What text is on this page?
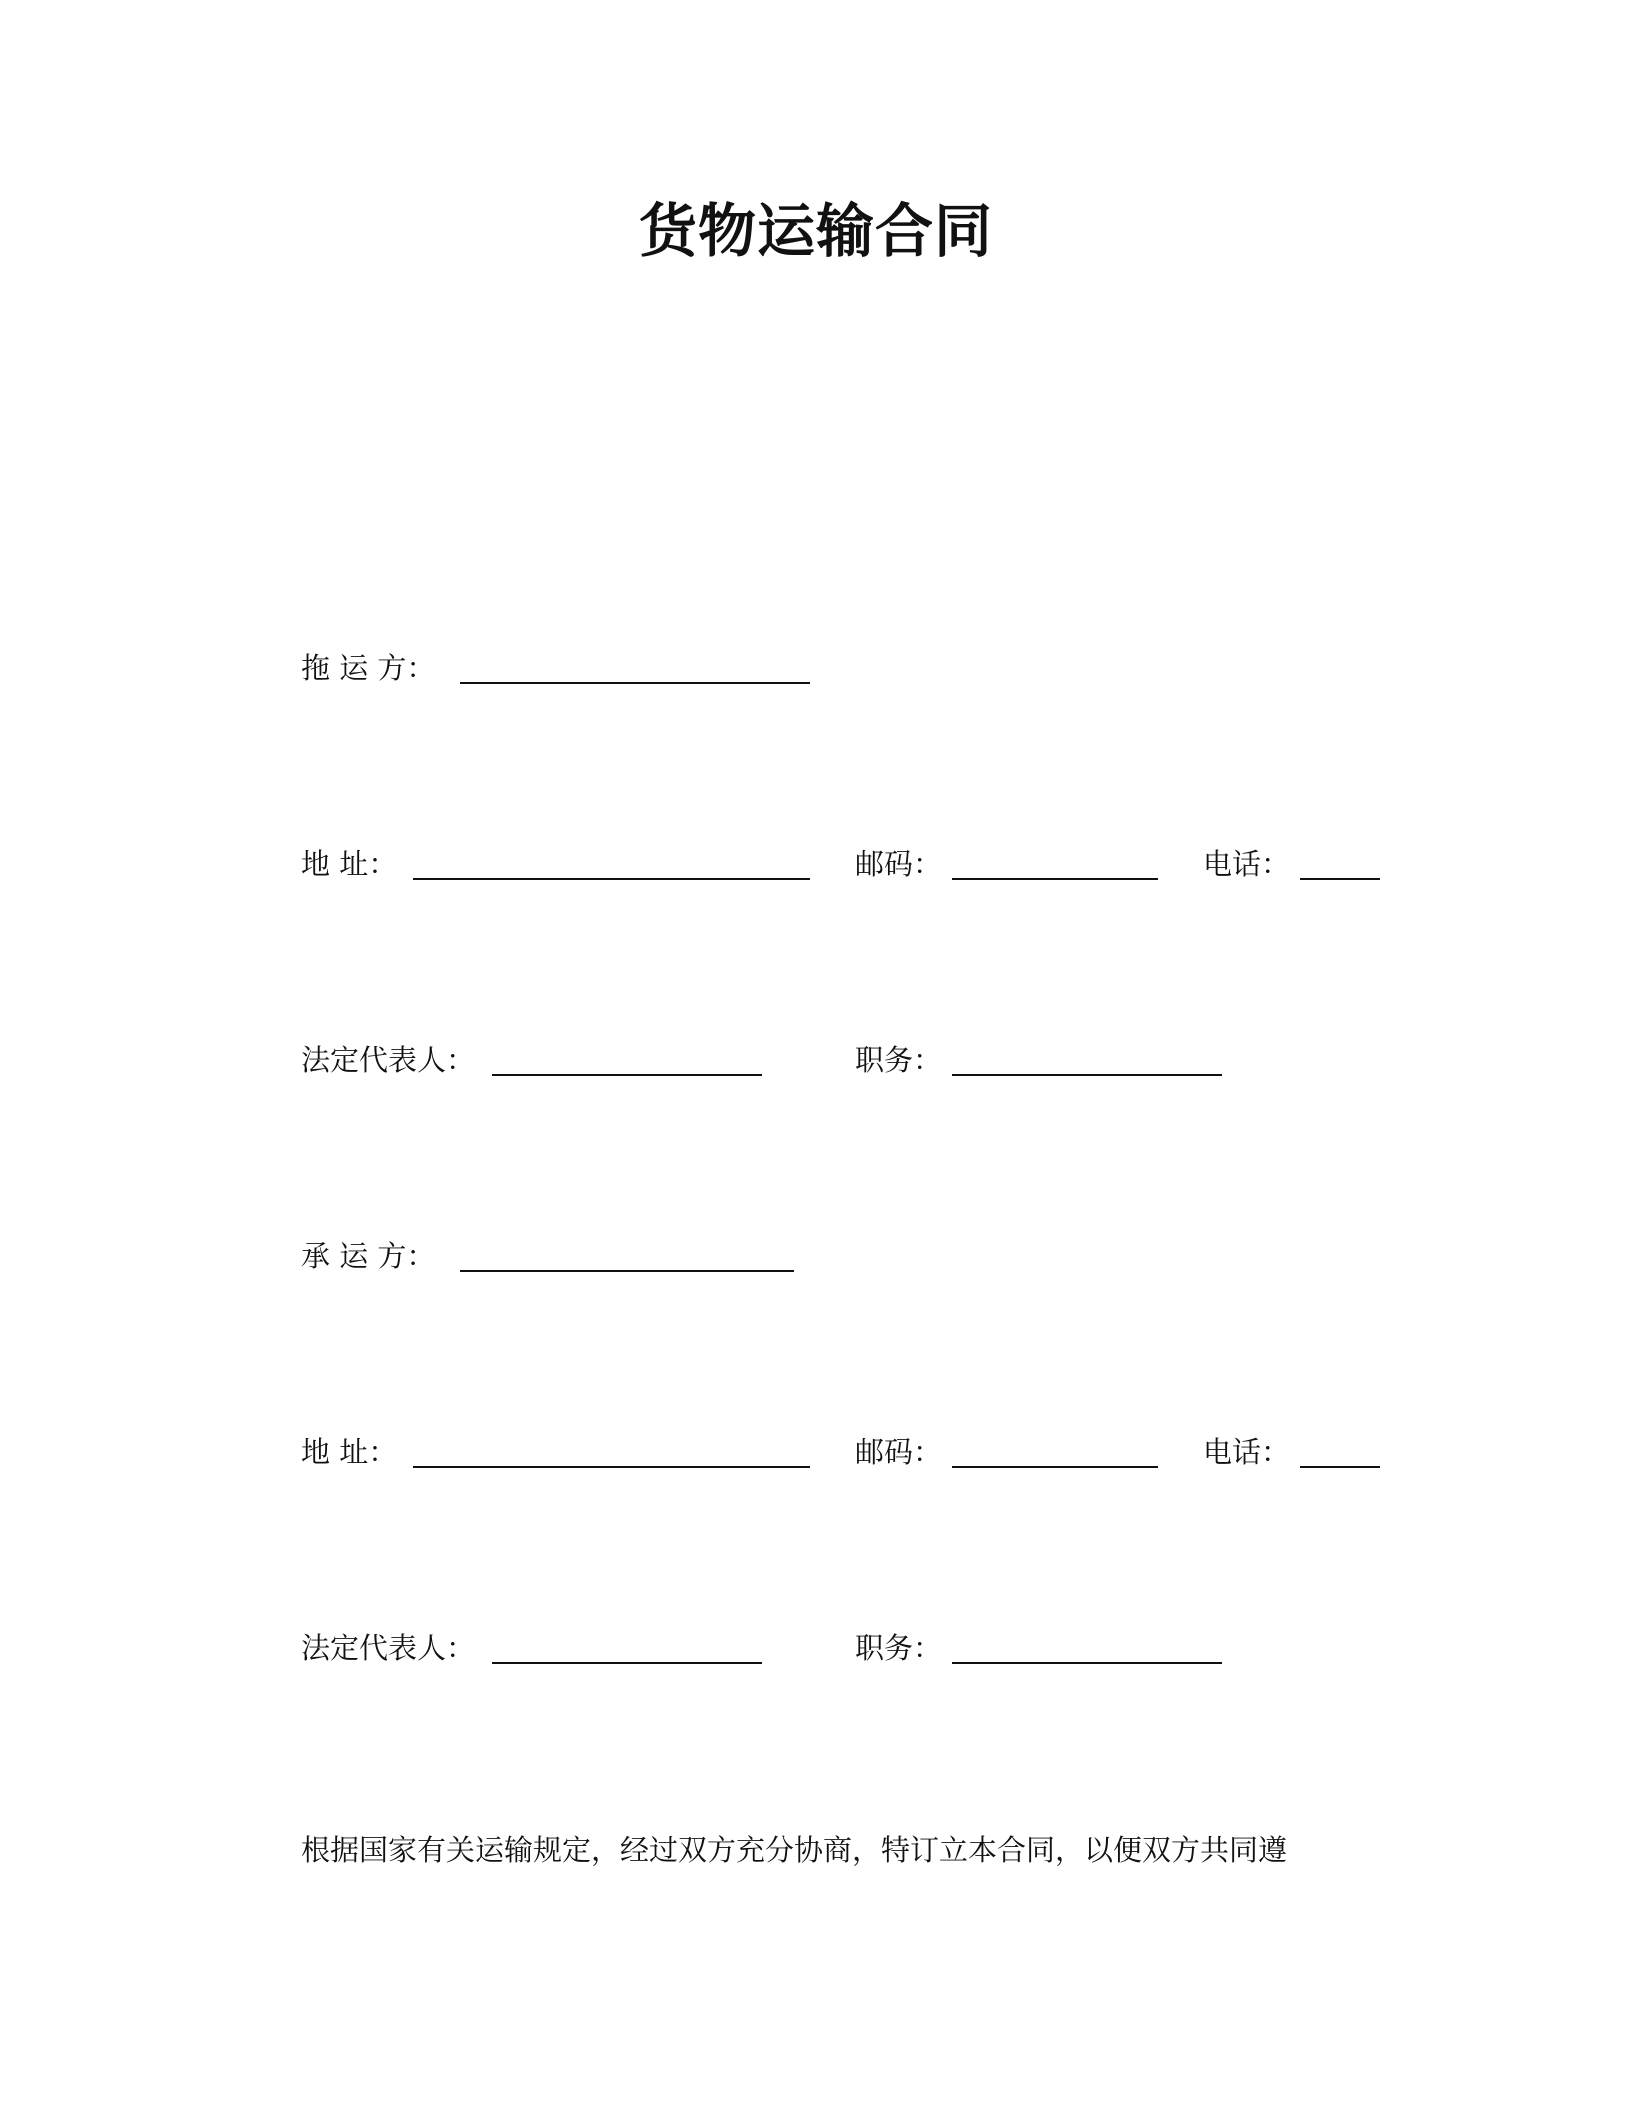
货物运输合同
拖 运 方：
地 址：	邮码：	电话：
法定代表人：	职务：
承 运 方：
地 址：	邮码：	电话：
法定代表人：	职务：
根据国家有关运输规定，经过双方充分协商，特订立本合同，以便双方共同遵
